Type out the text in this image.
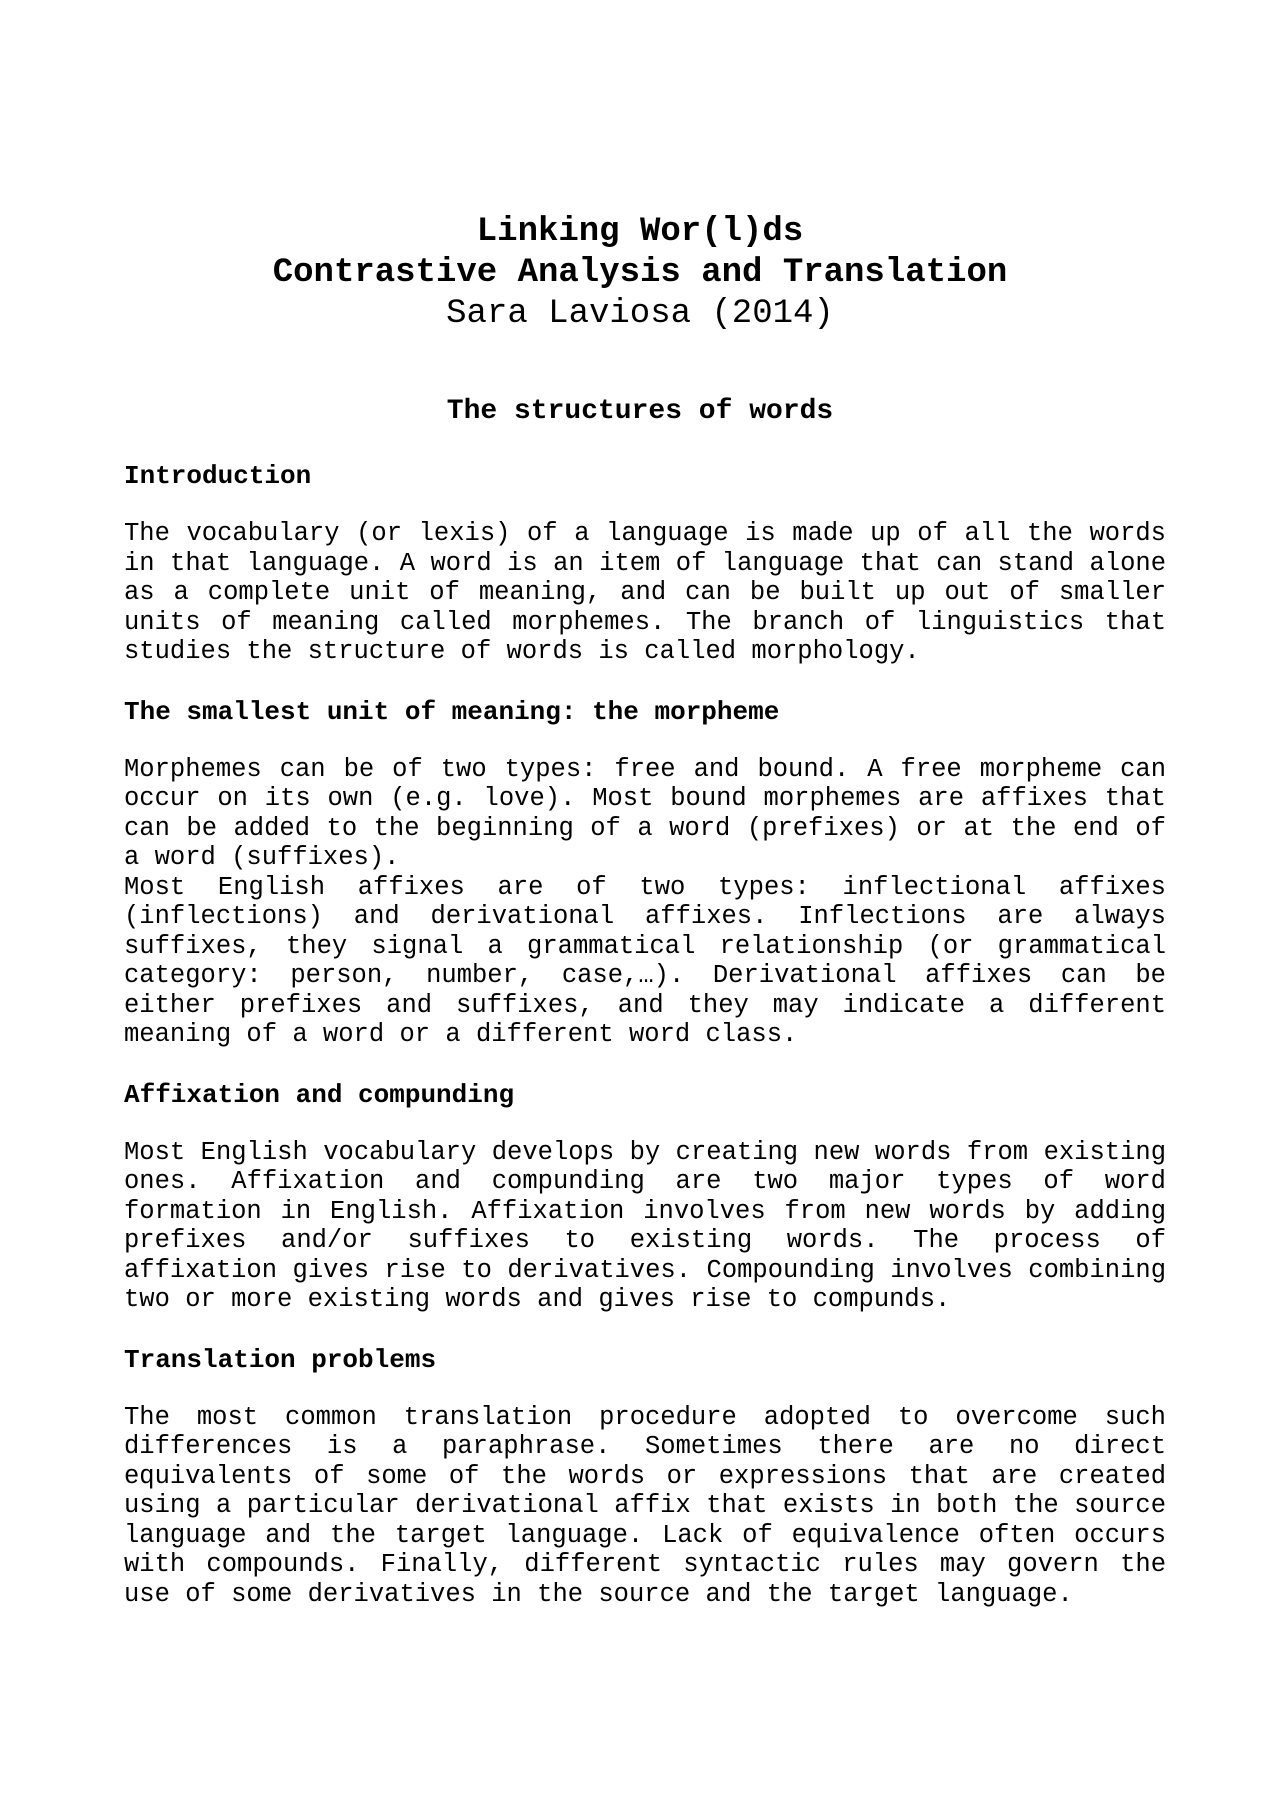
Linking Wor(l)ds

Contrastive Analysis and Translation

Sara Laviosa (2014)

The structures of words

Introduction

The vocabulary (or lexis) of a language is made up of all the words in that language. A word is an item of language that can stand alone as a complete unit of meaning, and can be built up out of smaller units of meaning called morphemes. The branch of linguistics that studies the structure of words is called morphology.

The smallest unit of meaning: the morpheme

Morphemes can be of two types: free and bound. A free morpheme can occur on its own (e.g. love). Most bound morphemes are affixes that can be added to the beginning of a word (prefixes) or at the end of a word (suffixes).

Most English affixes are of two types: inflectional affixes (inflections) and derivational affixes. Inflections are always suffixes, they signal a grammatical relationship (or grammatical category: person, number, case,…). Derivational affixes can be either prefixes and suffixes, and they may indicate a different meaning of a word or a different word class.

Affixation and compunding

Most English vocabulary develops by creating new words from existing ones. Affixation and compunding are two major types of word formation in English. Affixation involves from new words by adding prefixes and/or suffixes to existing words. The process of affixation gives rise to derivatives. Compounding involves combining two or more existing words and gives rise to compunds.

Translation problems

The most common translation procedure adopted to overcome such differences is a paraphrase. Sometimes there are no direct equivalents of some of the words or expressions that are created using a particular derivational affix that exists in both the source language and the target language. Lack of equivalence often occurs with compounds. Finally, different syntactic rules may govern the use of some derivatives in the source and the target language.
